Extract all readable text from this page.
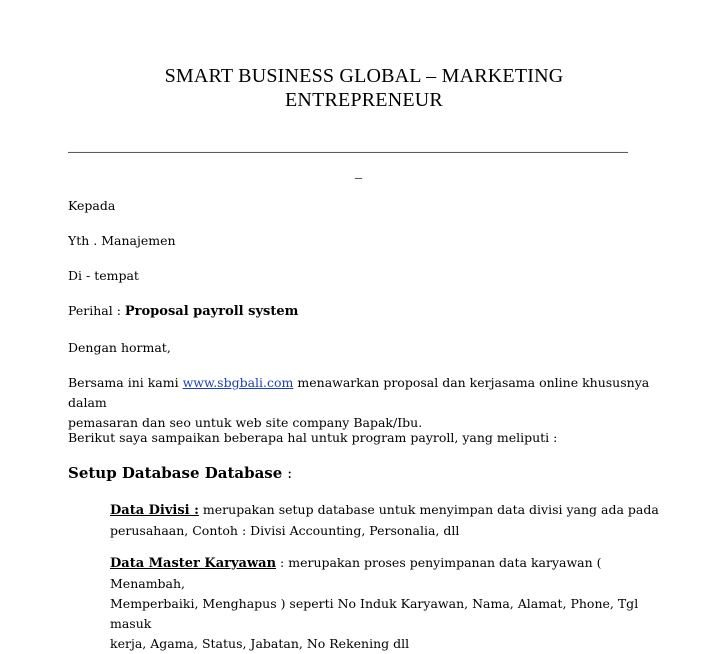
SMART BUSINESS GLOBAL – MARKETING
ENTREPRENEUR
________________________________________________________________________________
_
Kepada
Yth . Manajemen
Di - tempat
Perihal : Proposal payroll system
Dengan hormat,
Bersama ini kami www.sbgbali.com menawarkan proposal dan kerjasama online khususnya dalam
pemasaran dan seo untuk web site company Bapak/Ibu.
Berikut saya sampaikan beberapa hal untuk program payroll, yang meliputi :
Setup Database Database :
Data Divisi : merupakan setup database untuk menyimpan data divisi yang ada pada
perusahaan, Contoh : Divisi Accounting, Personalia, dll
Data Master Karyawan : merupakan proses penyimpanan data karyawan ( Menambah,
Memperbaiki, Menghapus ) seperti No Induk Karyawan, Nama, Alamat, Phone, Tgl masuk
kerja, Agama, Status, Jabatan, No Rekening dll
